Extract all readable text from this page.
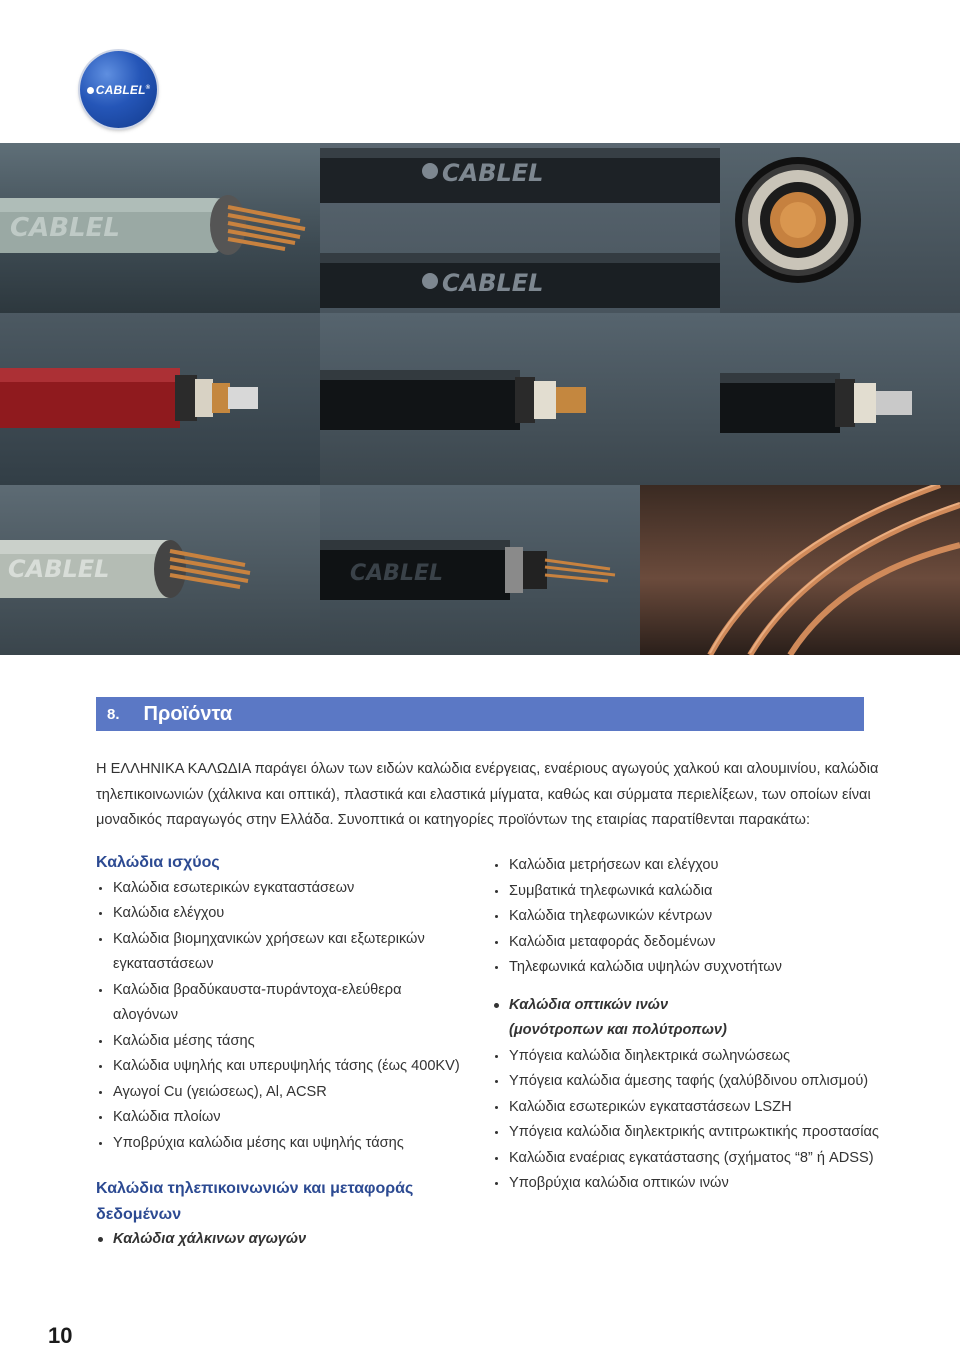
CABLEL®
CABLEL
CABLEL
CABLEL
CABLEL	CABLEL
8. Προϊόντα

Η ΕΛΛΗΝΙΚΑ ΚΑΛΩΔΙΑ παράγει όλων των ειδών καλώδια ενέργειας, εναέριους αγωγούς χαλκού και αλουμινίου, καλώδια τηλεπικοινωνιών (χάλκινα και οπτικά), πλαστικά και ελαστικά μίγματα, καθώς και σύρματα περιελίξεων, των οποίων είναι μοναδικός παραγωγός στην Ελλάδα. Συνοπτικά οι κατηγορίες προϊόντων της εταιρίας παρατίθενται παρακάτω:

Καλώδια ισχύος
Καλώδια εσωτερικών εγκαταστάσεων
Καλώδια ελέγχου
Καλώδια βιομηχανικών χρήσεων και εξωτερικών εγκαταστάσεων
Καλώδια βραδύκαυστα-πυράντοχα-ελεύθερα αλογόνων
Καλώδια μέσης τάσης
Καλώδια υψηλής και υπερυψηλής τάσης (έως 400KV)
Αγωγοί Cu (γειώσεως), Al, ACSR
Καλώδια πλοίων
Υποβρύχια καλώδια μέσης και υψηλής τάσης
Καλώδια τηλεπικοινωνιών και μεταφοράς δεδομένων
Καλώδια χάλκινων αγωγών
Καλώδια μετρήσεων και ελέγχου
Συμβατικά τηλεφωνικά καλώδια
Καλώδια τηλεφωνικών κέντρων
Καλώδια μεταφοράς δεδομένων
Τηλεφωνικά καλώδια υψηλών συχνοτήτων
Καλώδια οπτικών ινών (μονότροπων και πολύτροπων)
Υπόγεια καλώδια διηλεκτρικά σωληνώσεως
Υπόγεια καλώδια άμεσης ταφής (χαλύβδινου οπλισμού)
Καλώδια εσωτερικών εγκαταστάσεων LSZH
Υπόγεια καλώδια διηλεκτρικής αντιτρωκτικής προστασίας
Καλώδια εναέριας εγκατάστασης (σχήματος “8” ή ADSS)
Υποβρύχια καλώδια οπτικών ινών
10
